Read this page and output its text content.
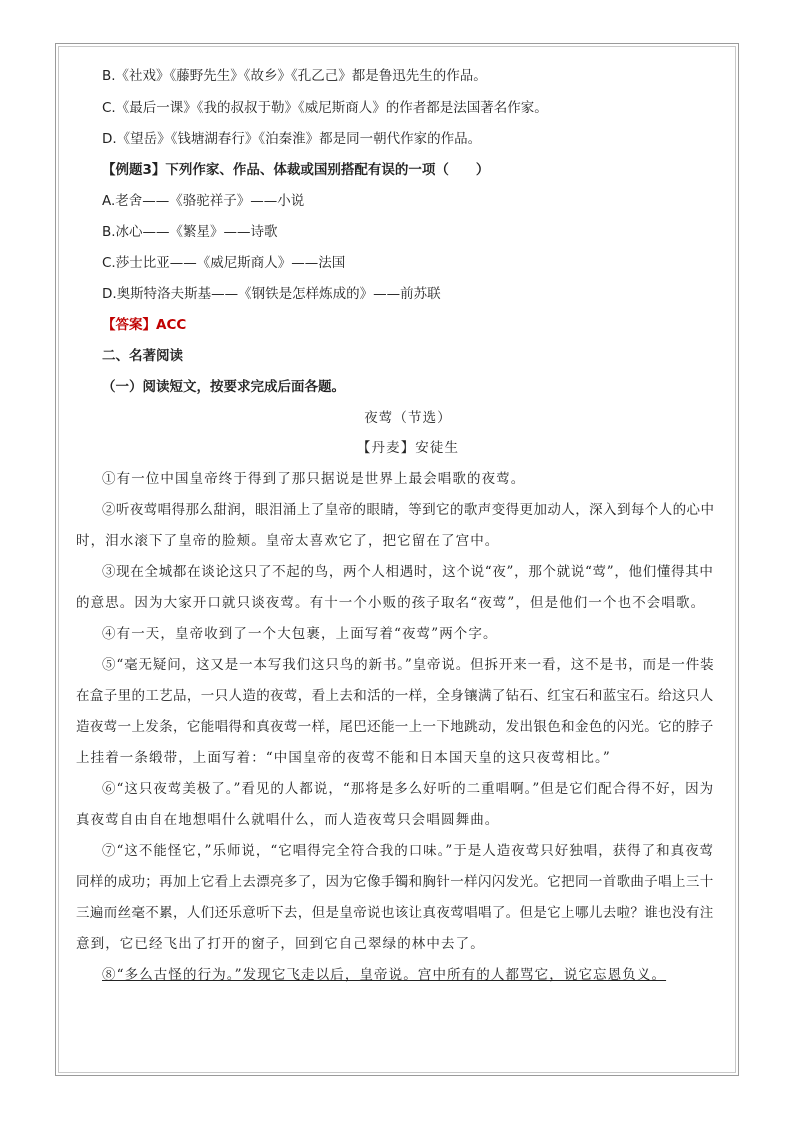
B.《社戏》《藤野先生》《故乡》《孔乙己》都是鲁迅先生的作品。
C.《最后一课》《我的叔叔于勒》《威尼斯商人》的作者都是法国著名作家。
D.《望岳》《钱塘湖春行》《泊秦淮》都是同一朝代作家的作品。
【例题3】下列作家、作品、体裁或国别搭配有误的一项（　　）
A.老舍——《骆驼祥子》——小说
B.冰心——《繁星》——诗歌
C.莎士比亚——《威尼斯商人》——法国
D.奥斯特洛夫斯基——《钢铁是怎样炼成的》——前苏联
【答案】ACC
二、名著阅读
（一）阅读短文，按要求完成后面各题。
夜莺（节选）
【丹麦】安徒生
①有一位中国皇帝终于得到了那只据说是世界上最会唱歌的夜莺。
②听夜莺唱得那么甜润，眼泪涌上了皇帝的眼睛，等到它的歌声变得更加动人，深入到每个人的心中
时，泪水滚下了皇帝的脸颊。皇帝太喜欢它了，把它留在了宫中。
③现在全城都在谈论这只了不起的鸟，两个人相遇时，这个说“夜”，那个就说“莺”，他们懂得其中
的意思。因为大家开口就只谈夜莺。有十一个小贩的孩子取名“夜莺”，但是他们一个也不会唱歌。
④有一天，皇帝收到了一个大包裹，上面写着“夜莺”两个字。
⑤“毫无疑问，这又是一本写我们这只鸟的新书。”皇帝说。但拆开来一看，这不是书，而是一件装
在盒子里的工艺品，一只人造的夜莺，看上去和活的一样，全身镶满了钻石、红宝石和蓝宝石。给这只人
造夜莺一上发条，它能唱得和真夜莺一样，尾巴还能一上一下地跳动，发出银色和金色的闪光。它的脖子
上挂着一条缎带，上面写着：“中国皇帝的夜莺不能和日本国天皇的这只夜莺相比。”
⑥“这只夜莺美极了。”看见的人都说，“那将是多么好听的二重唱啊。”但是它们配合得不好，因为
真夜莺自由自在地想唱什么就唱什么，而人造夜莺只会唱圆舞曲。
⑦“这不能怪它，”乐师说，“它唱得完全符合我的口味。”于是人造夜莺只好独唱，获得了和真夜莺
同样的成功；再加上它看上去漂亮多了，因为它像手镯和胸针一样闪闪发光。它把同一首歌曲子唱上三十
三遍而丝毫不累，人们还乐意听下去，但是皇帝说也该让真夜莺唱唱了。但是它上哪儿去啦？谁也没有注
意到，它已经飞出了打开的窗子，回到它自己翠绿的林中去了。
⑧“多么古怪的行为。”发现它飞走以后，皇帝说。宫中所有的人都骂它，说它忘恩负义。
